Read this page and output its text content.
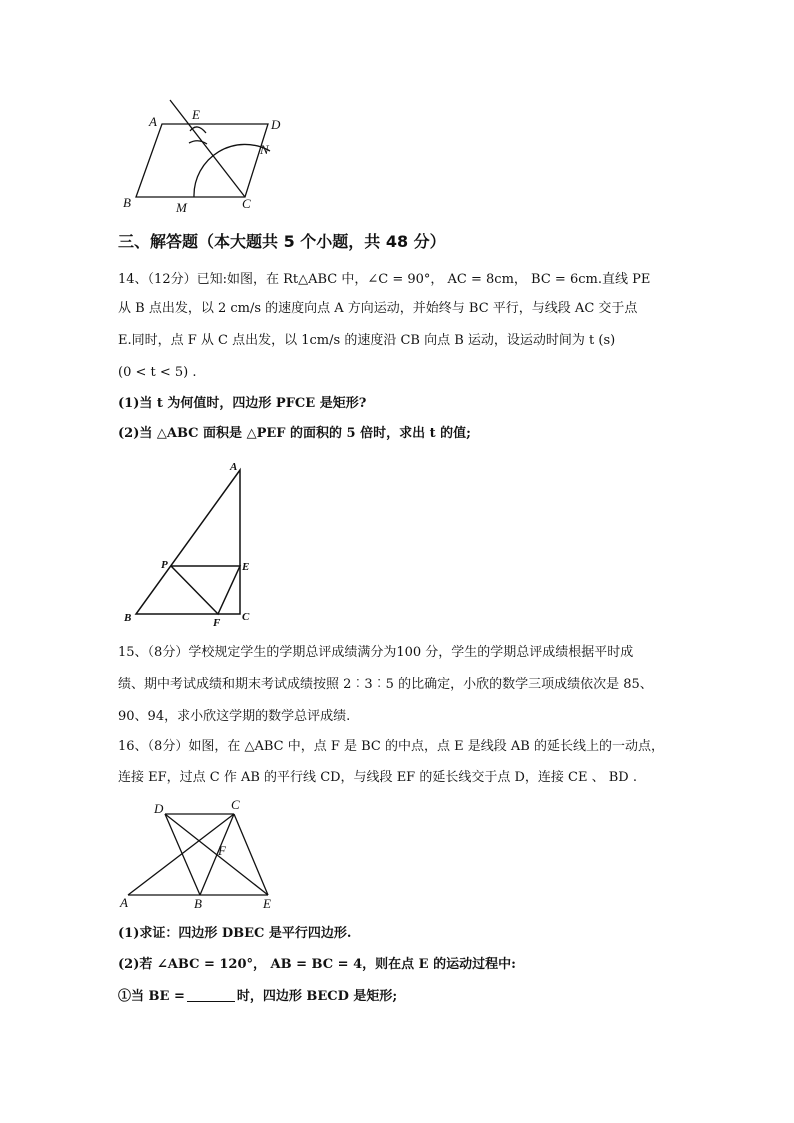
A	E
D
N
B	M	C
三、解答题（本大题共 5 个小题，共 48 分）
14、（12分）已知:如图，在 Rt△ABC 中，∠C = 90°， AC = 8cm， BC = 6cm.直线 PE
从 B 点出发，以 2 cm/s 的速度向点 A 方向运动，并始终与 BC 平行，与线段 AC 交于点
E.同时，点 F 从 C 点出发，以 1cm/s 的速度沿 CB 向点 B 运动，设运动时间为 t (s)
(0 < t < 5) .
(1)当 t 为何值时，四边形 PFCE 是矩形?
(2)当 △ABC 面积是 △PEF 的面积的 5 倍时，求出 t 的值;
A
P	E
B	F C
15、（8分）学校规定学生的学期总评成绩满分为100 分，学生的学期总评成绩根据平时成
绩、期中考试成绩和期末考试成绩按照 2︰3︰5 的比确定，小欣的数学三项成绩依次是 85、
90、94，求小欣这学期的数学总评成绩.
16、（8分）如图，在 △ABC 中，点 F 是 BC 的中点，点 E 是线段 AB 的延长线上的一动点，
连接 EF，过点 C 作 AB 的平行线 CD，与线段 EF 的延长线交于点 D，连接 CE 、 BD .
D	C
F
A	B	E
(1)求证：四边形 DBEC 是平行四边形.
(2)若 ∠ABC = 120°， AB = BC = 4，则在点 E 的运动过程中:
①当 BE =	时，四边形 BECD 是矩形;
